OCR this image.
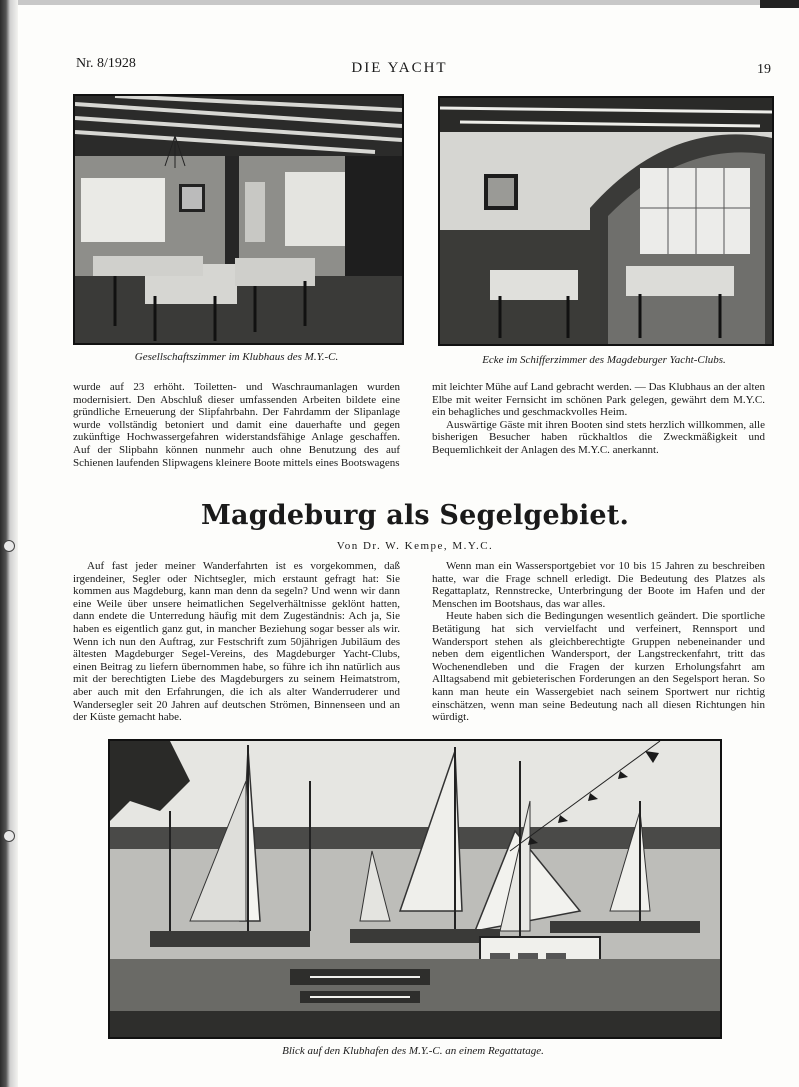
Nr. 8/1928	DIE YACHT	19
Gesellschaftszimmer im Klubhaus des M.Y.-C.	Ecke im Schifferzimmer des Magdeburger Yacht-Clubs.

wurde auf 23 erhöht. Toiletten- und Waschraumanlagen wurden modernisiert. Den Abschluß dieser umfassenden Arbeiten bildete eine gründliche Erneuerung der Slipfahrbahn. Der Fahrdamm der Slipanlage wurde vollständig betoniert und damit eine dauerhafte und gegen zukünftige Hochwassergefahren widerstandsfähige Anlage geschaffen. Auf der Slipbahn können nunmehr auch ohne Benutzung des auf Schienen laufenden Slipwagens kleinere Boote mittels eines Bootswagens

mit leichter Mühe auf Land gebracht werden. — Das Klubhaus an der alten Elbe mit weiter Fernsicht im schönen Park gelegen, gewährt dem M.Y.C. ein behagliches und geschmackvolles Heim.

Auswärtige Gäste mit ihren Booten sind stets herzlich willkommen, alle bisherigen Besucher haben rückhaltlos die Zweckmäßigkeit und Bequemlichkeit der Anlagen des M.Y.C. anerkannt.

Magdeburg als Segelgebiet.
Von Dr. W. Kempe, M.Y.C.

Auf fast jeder meiner Wanderfahrten ist es vorgekommen, daß irgendeiner, Segler oder Nichtsegler, mich erstaunt gefragt hat: Sie kommen aus Magdeburg, kann man denn da segeln? Und wenn wir dann eine Weile über unsere heimatlichen Segelverhältnisse geklönt hatten, dann endete die Unterredung häufig mit dem Zugeständnis: Ach ja, Sie haben es eigentlich ganz gut, in mancher Beziehung sogar besser als wir. Wenn ich nun den Auftrag, zur Festschrift zum 50jährigen Jubiläum des ältesten Magdeburger Segel-Vereins, des Magdeburger Yacht-Clubs, einen Beitrag zu liefern übernommen habe, so führe ich ihn natürlich aus mit der berechtigten Liebe des Magdeburgers zu seinem Heimatstrom, aber auch mit den Erfahrungen, die ich als alter Wanderruderer und Wandersegler seit 20 Jahren auf deutschen Strömen, Binnenseen und an der Küste gemacht habe.

Wenn man ein Wassersportgebiet vor 10 bis 15 Jahren zu beschreiben hatte, war die Frage schnell erledigt. Die Bedeutung des Platzes als Regattaplatz, Rennstrecke, Unterbringung der Boote im Hafen und der Menschen im Bootshaus, das war alles.

Heute haben sich die Bedingungen wesentlich geändert. Die sportliche Betätigung hat sich vervielfacht und verfeinert, Rennsport und Wandersport stehen als gleichberechtigte Gruppen nebeneinander und neben dem eigentlichen Wandersport, der Langstreckenfahrt, tritt das Wochenendleben und die Fragen der kurzen Erholungsfahrt am Alltagsabend mit gebieterischen Forderungen an den Segelsport heran. So kann man heute ein Wassergebiet nach seinem Sportwert nur richtig einschätzen, wenn man seine Bedeutung nach all diesen Richtungen hin würdigt.

Blick auf den Klubhafen des M.Y.-C. an einem Regattatage.
